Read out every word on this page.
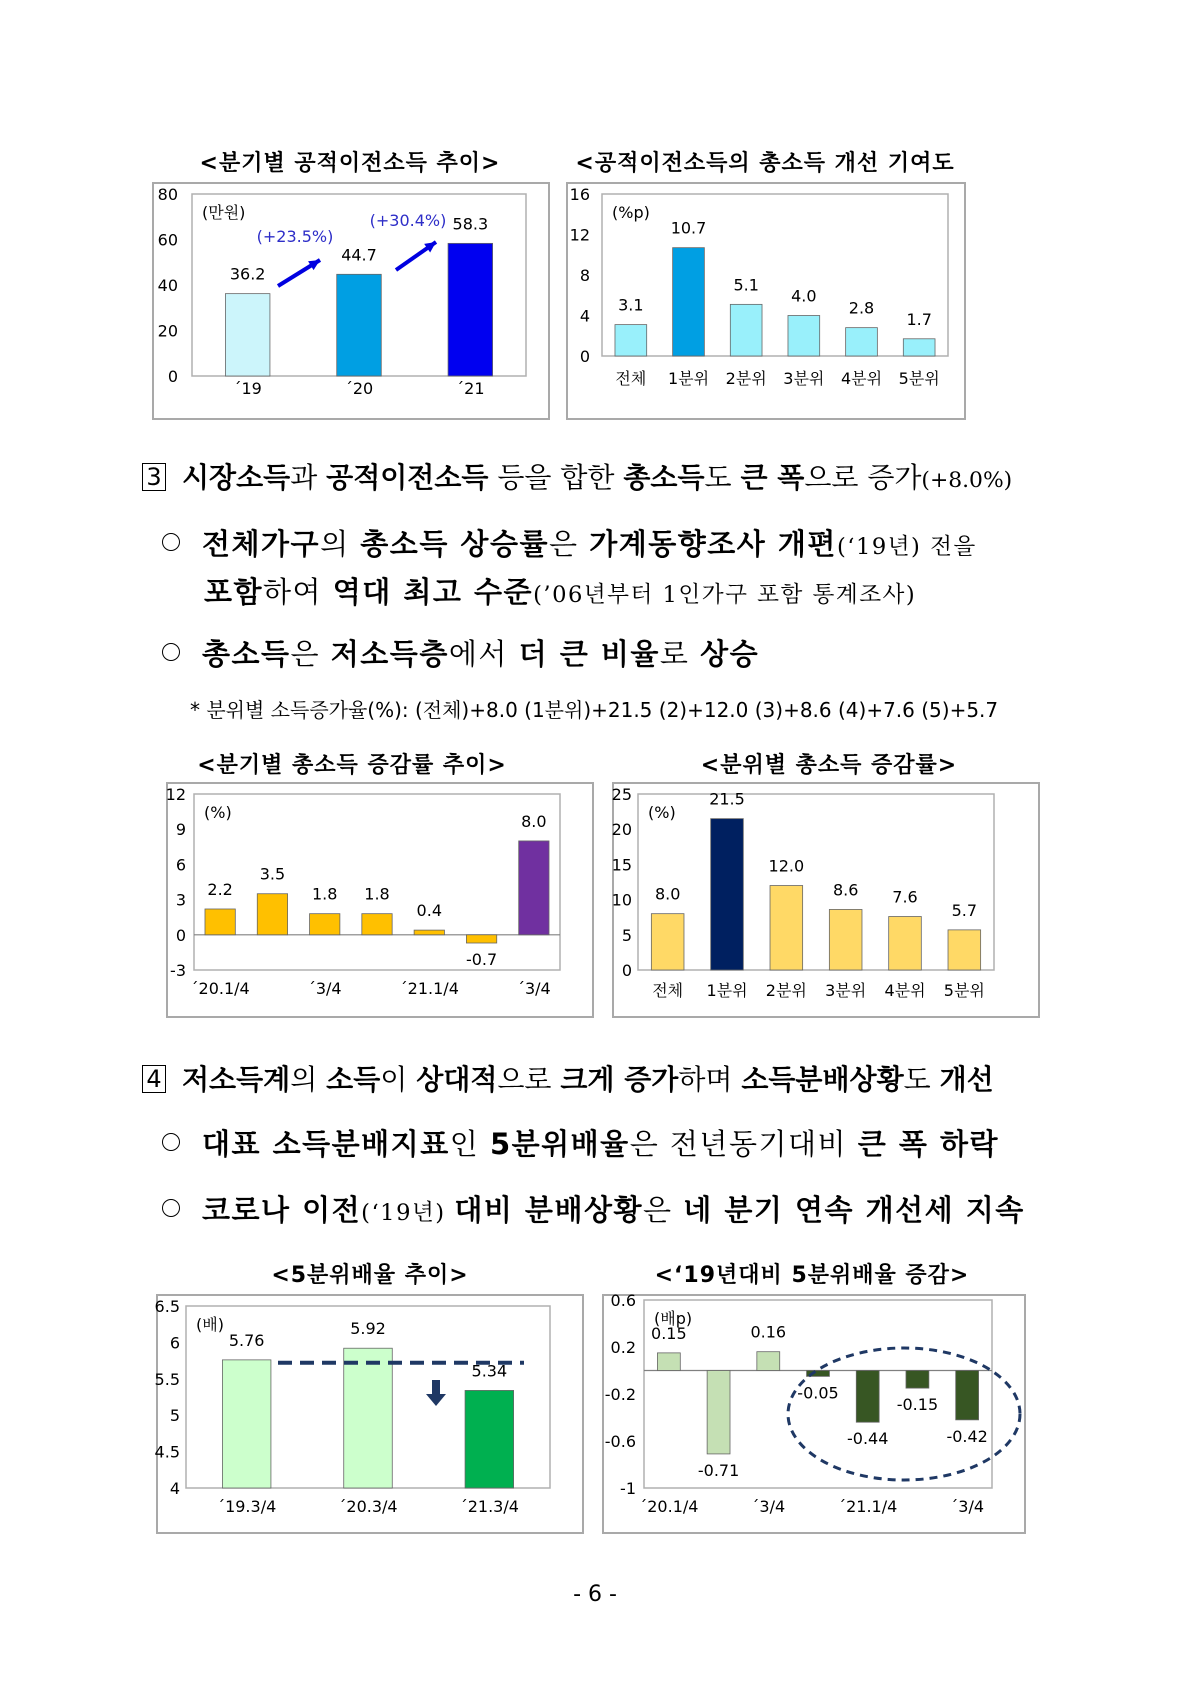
<분기별 공적이전소득 추이>	<공적이전소득의 총소득 개선 기여도
0
20
40
60
80
(만원)
36.2
44.7
58.3
´19	´20	´21
(+23.5%)
(+30.4%)
0
4
8
12
16
(%p)
3.1
10.7
5.1
4.0
2.8
1.7
전체 1분위 2분위 3분위 4분위 5분위
3 시장소득과 공적이전소득 등을 합한 총소득도 큰 폭으로 증가(+8.0%)
전체가구의 총소득 상승률은 가계동향조사 개편(‘19년) 전을
포함하여 역대 최고 수준(’06년부터 1인가구 포함 통계조사)
총소득은 저소득층에서 더 큰 비율로 상승
* 분위별 소득증가율(%): (전체)+8.0 (1분위)+21.5 (2)+12.0 (3)+8.6 (4)+7.6 (5)+5.7
<분기별 총소득 증감률 추이>	<분위별 총소득 증감률>
-3
0
3
6
9
12
(%)
2.2
3.5
1.8 1.8
0.4
-0.7
8.0
´20.1/4	´3/4	´21.1/4	´3/4
0
5
10
15
20
25
(%)
8.0
21.5
12.0
8.6 7.6
5.7
전체 1분위 2분위 3분위 4분위 5분위
4 저소득계의 소득이 상대적으로 크게 증가하며 소득분배상황도 개선
대표 소득분배지표인 5분위배율은 전년동기대비 큰 폭 하락
코로나 이전(‘19년) 대비 분배상황은 네 분기 연속 개선세 지속
<5분위배율 추이>	<‘19년대비 5분위배율 증감>
4
4.5
5
5.5
6
6.5
(배)
5.76
5.92
5.34
´19.3/4	´20.3/4	´21.3/4
-1
-0.6
-0.2
0.2
0.6
(배p)
0.15
-0.71
0.16
-0.05
-0.44
-0.15
-0.42
´20.1/4	´3/4	´21.1/4	´3/4
- 6 -
